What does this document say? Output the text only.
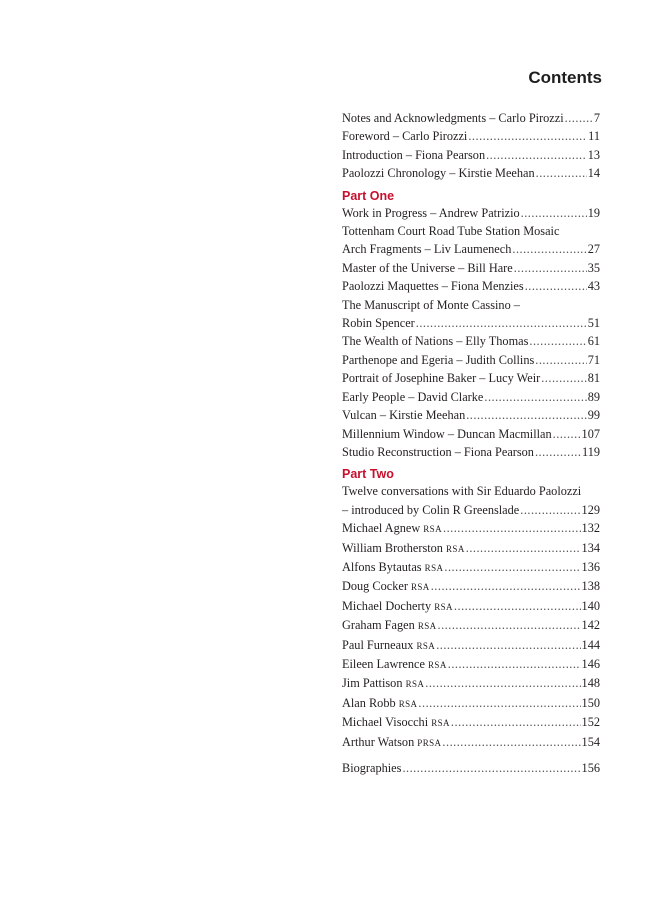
Contents
Notes and Acknowledgments – Carlo Pirozzi ..... 7
Foreword – Carlo Pirozzi .....	11
Introduction – Fiona Pearson .....	13
Paolozzi Chronology – Kirstie Meehan .....	14
Part One
Work in Progress – Andrew Patrizio .....	19
Tottenham Court Road Tube Station Mosaic
Arch Fragments – Liv Laumenech .....	27
Master of the Universe – Bill Hare .....	35
Paolozzi Maquettes – Fiona Menzies .....	43
The Manuscript of Monte Cassino –
Robin Spencer .....	51
The Wealth of Nations – Elly Thomas .....	61
Parthenope and Egeria – Judith Collins .....	71
Portrait of Josephine Baker – Lucy Weir .....	81
Early People – David Clarke .....	89
Vulcan – Kirstie Meehan .....	99
Millennium Window – Duncan Macmillan ..... 107
Studio Reconstruction – Fiona Pearson .....	119
Part Two
Twelve conversations with Sir Eduardo Paolozzi
– introduced by Colin R Greenslade .....	129
Michael Agnew RSA .....	132
William Brotherston RSA .....	134
Alfons Bytautas RSA .....	136
Doug Cocker RSA .....	138
Michael Docherty RSA .....	140
Graham Fagen RSA .....	142
Paul Furneaux RSA .....	144
Eileen Lawrence RSA .....	146
Jim Pattison RSA .....	148
Alan Robb RSA .....	150
Michael Visocchi RSA .....	152
Arthur Watson PRSA .....	154
Biographies .....	156
